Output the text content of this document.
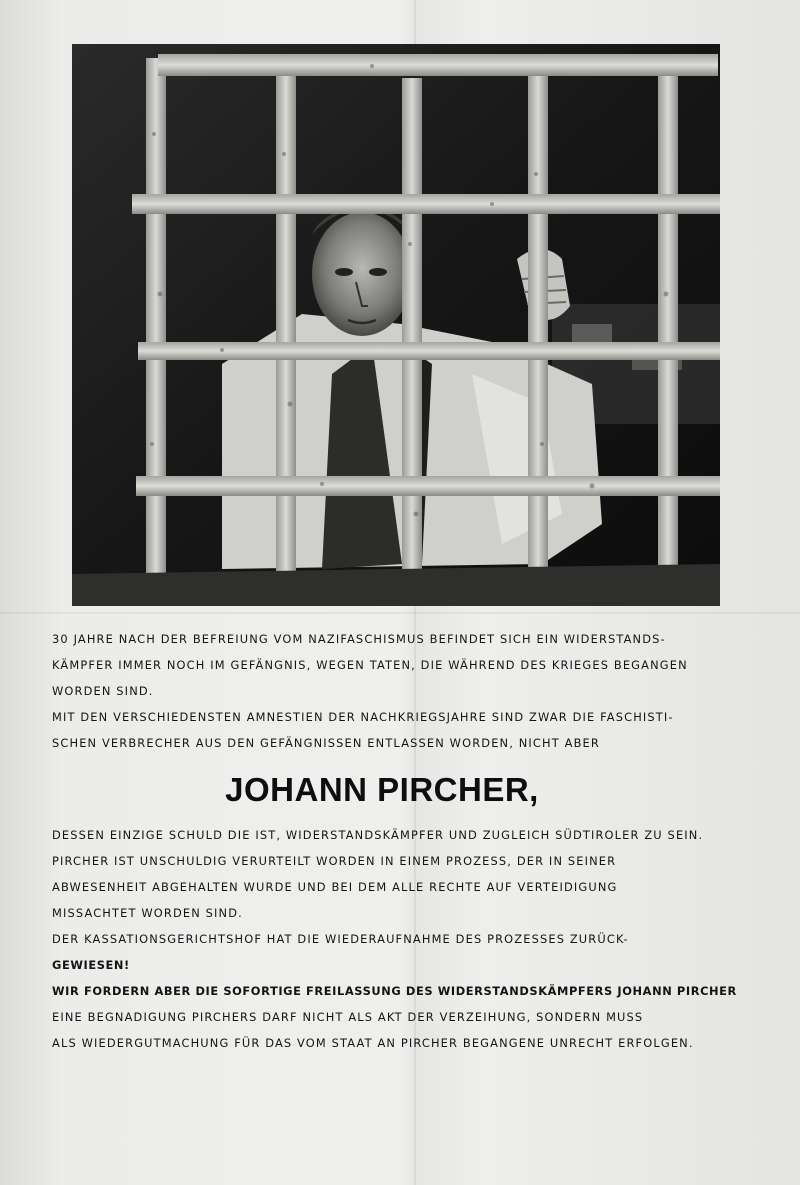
30 JAHRE NACH DER BEFREIUNG VOM NAZIFASCHISMUS BEFINDET SICH EIN WIDERSTANDS-

KÄMPFER IMMER NOCH IM GEFÄNGNIS, WEGEN TATEN, DIE WÄHREND DES KRIEGES BEGANGEN

WORDEN SIND.

MIT DEN VERSCHIEDENSTEN AMNESTIEN DER NACHKRIEGSJAHRE SIND ZWAR DIE FASCHISTI-

SCHEN VERBRECHER AUS DEN GEFÄNGNISSEN ENTLASSEN WORDEN, NICHT ABER

JOHANN PIRCHER,

DESSEN EINZIGE SCHULD DIE IST, WIDERSTANDSKÄMPFER UND ZUGLEICH SÜDTIROLER ZU SEIN.

PIRCHER IST UNSCHULDIG VERURTEILT WORDEN IN EINEM PROZESS, DER IN SEINER

ABWESENHEIT ABGEHALTEN WURDE UND BEI DEM ALLE RECHTE AUF VERTEIDIGUNG

MISSACHTET WORDEN SIND.

DER KASSATIONSGERICHTSHOF HAT DIE WIEDERAUFNAHME DES PROZESSES ZURÜCK-

GEWIESEN!

WIR FORDERN ABER DIE SOFORTIGE FREILASSUNG DES WIDERSTANDSKÄMPFERS JOHANN PIRCHER

EINE BEGNADIGUNG PIRCHERS DARF NICHT ALS AKT DER VERZEIHUNG, SONDERN MUSS

ALS WIEDERGUTMACHUNG FÜR DAS VOM STAAT AN PIRCHER BEGANGENE UNRECHT ERFOLGEN.
